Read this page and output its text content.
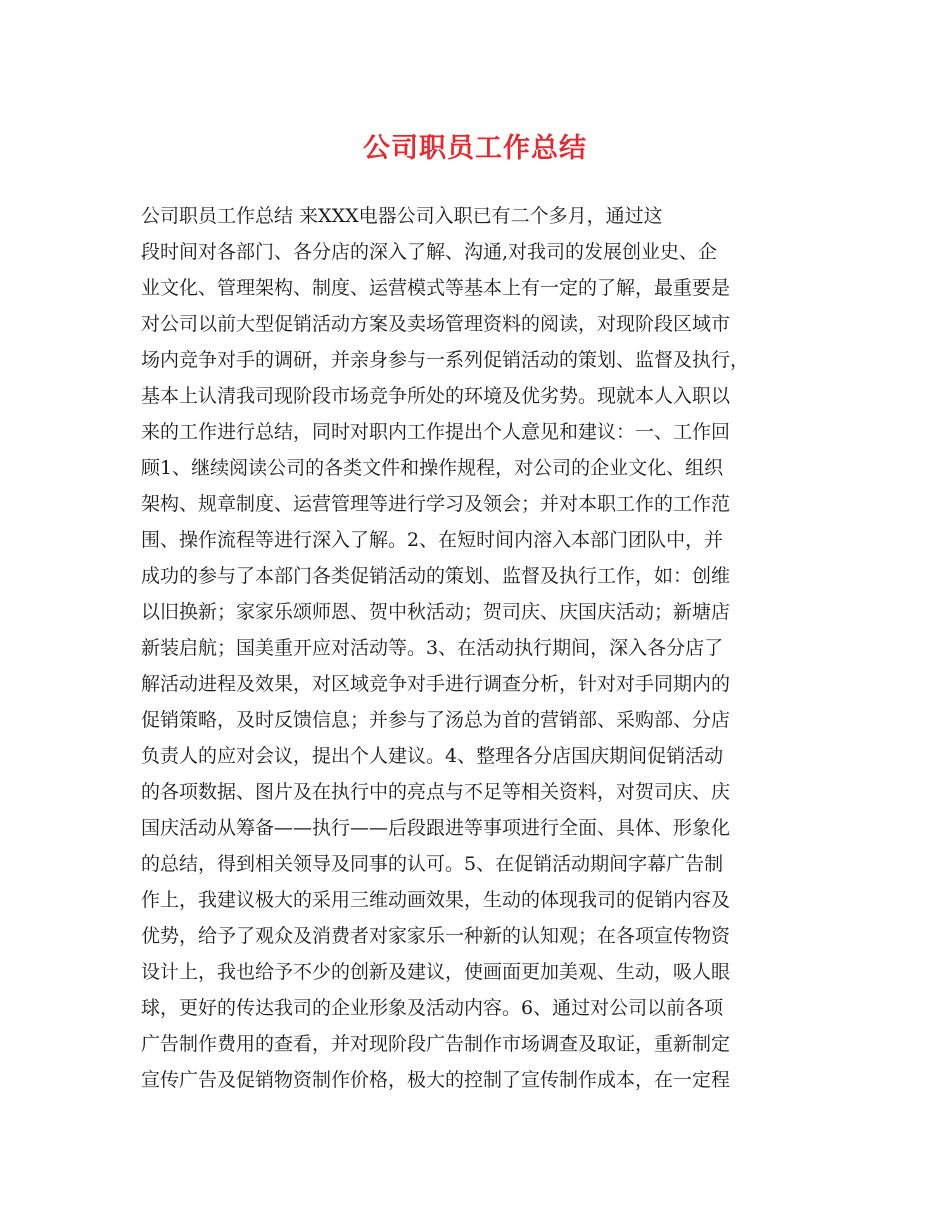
公司职员工作总结
公司职员工作总结 来XXX电器公司入职已有二个多月，通过这
段时间对各部门、各分店的深入了解、沟通,对我司的发展创业史、企
业文化、管理架构、制度、运营模式等基本上有一定的了解，最重要是
对公司以前大型促销活动方案及卖场管理资料的阅读，对现阶段区域市
场内竞争对手的调研，并亲身参与一系列促销活动的策划、监督及执行，
基本上认清我司现阶段市场竞争所处的环境及优劣势。现就本人入职以
来的工作进行总结，同时对职内工作提出个人意见和建议：一、工作回
顾1、继续阅读公司的各类文件和操作规程，对公司的企业文化、组织
架构、规章制度、运营管理等进行学习及领会；并对本职工作的工作范
围、操作流程等进行深入了解。2、在短时间内溶入本部门团队中，并
成功的参与了本部门各类促销活动的策划、监督及执行工作，如：创维
以旧换新；家家乐颂师恩、贺中秋活动；贺司庆、庆国庆活动；新塘店
新装启航；国美重开应对活动等。3、在活动执行期间，深入各分店了
解活动进程及效果，对区域竞争对手进行调查分析，针对对手同期内的
促销策略，及时反馈信息；并参与了汤总为首的营销部、采购部、分店
负责人的应对会议，提出个人建议。4、整理各分店国庆期间促销活动
的各项数据、图片及在执行中的亮点与不足等相关资料，对贺司庆、庆
国庆活动从筹备——执行——后段跟进等事项进行全面、具体、形象化
的总结，得到相关领导及同事的认可。5、在促销活动期间字幕广告制
作上，我建议极大的采用三维动画效果，生动的体现我司的促销内容及
优势，给予了观众及消费者对家家乐一种新的认知观；在各项宣传物资
设计上，我也给予不少的创新及建议，使画面更加美观、生动，吸人眼
球，更好的传达我司的企业形象及活动内容。6、通过对公司以前各项
广告制作费用的查看，并对现阶段广告制作市场调查及取证，重新制定
宣传广告及促销物资制作价格，极大的控制了宣传制作成本，在一定程
